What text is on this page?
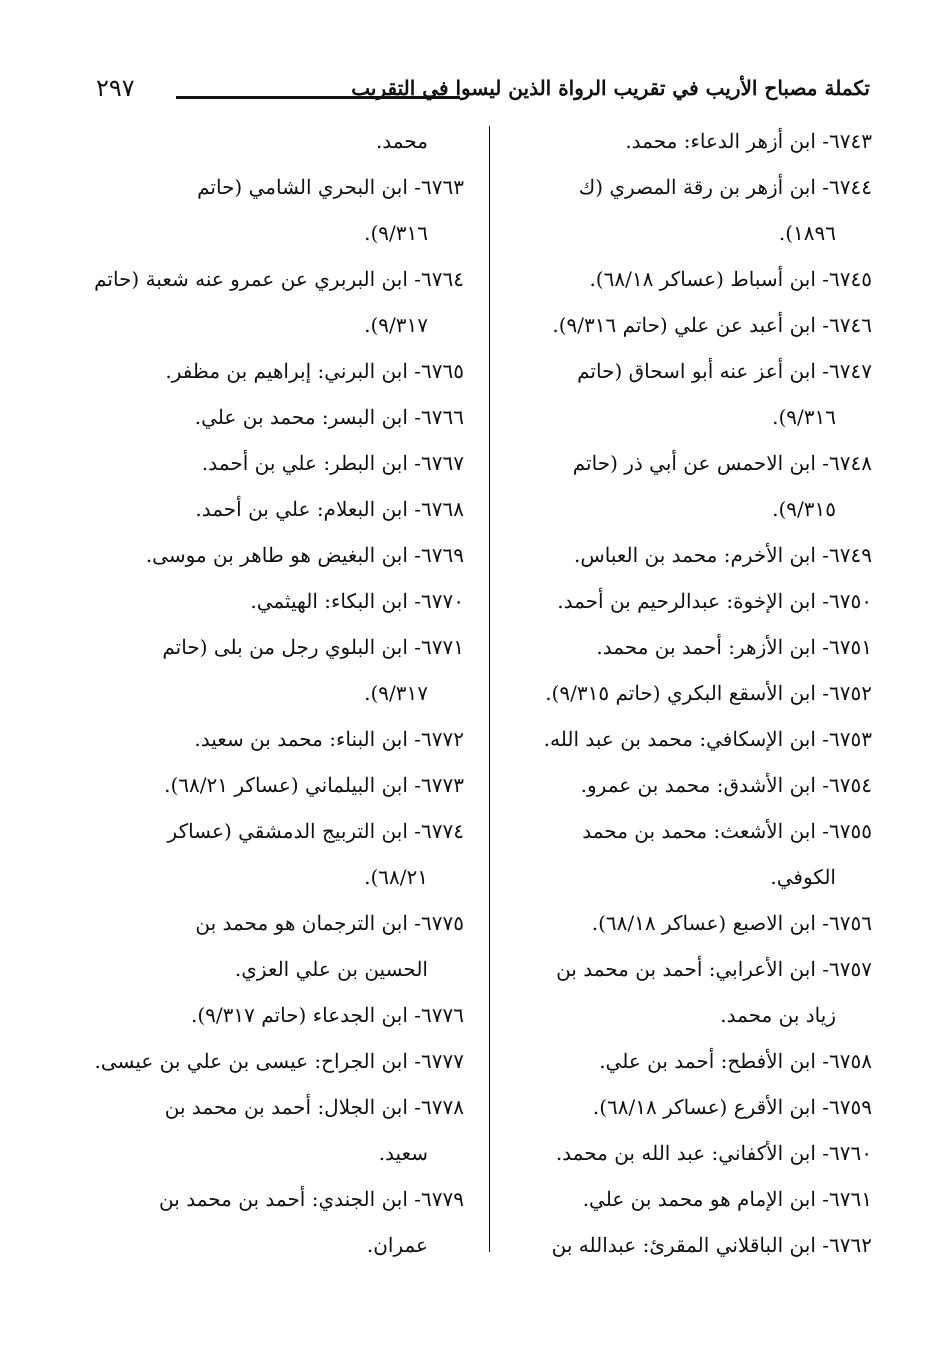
تكملة مصباح الأريب في تقريب الرواة الذين ليسوا في التقريب
٢٩٧
٦٧٤٣- ابن أزهر الدعاء: محمد.
٦٧٤٤- ابن أزهر بن رقة المصري (ك
١٨٩٦).
٦٧٤٥- ابن أسباط (عساكر ٦٨/١٨).
٦٧٤٦- ابن أعبد عن علي (حاتم ٩/٣١٦).
٦٧٤٧- ابن أعز عنه أبو اسحاق (حاتم
٩/٣١٦).
٦٧٤٨- ابن الاحمس عن أبي ذر (حاتم
٩/٣١٥).
٦٧٤٩- ابن الأخرم: محمد بن العباس.
٦٧٥٠- ابن الإخوة: عبدالرحيم بن أحمد.
٦٧٥١- ابن الأزهر: أحمد بن محمد.
٦٧٥٢- ابن الأسقع البكري (حاتم ٩/٣١٥).
٦٧٥٣- ابن الإسكافي: محمد بن عبد الله.
٦٧٥٤- ابن الأشدق: محمد بن عمرو.
٦٧٥٥- ابن الأشعث: محمد بن محمد
الكوفي.
٦٧٥٦- ابن الاصبع (عساكر ٦٨/١٨).
٦٧٥٧- ابن الأعرابي: أحمد بن محمد بن
زياد بن محمد.
٦٧٥٨- ابن الأفطح: أحمد بن علي.
٦٧٥٩- ابن الأقرع (عساكر ٦٨/١٨).
٦٧٦٠- ابن الأكفاني: عبد الله بن محمد.
٦٧٦١- ابن الإمام هو محمد بن علي.
٦٧٦٢- ابن الباقلاني المقرئ: عبدالله بن
محمد.
٦٧٦٣- ابن البحري الشامي (حاتم
٩/٣١٦).
٦٧٦٤- ابن البربري عن عمرو عنه شعبة (حاتم
٩/٣١٧).
٦٧٦٥- ابن البرني: إبراهيم بن مظفر.
٦٧٦٦- ابن البسر: محمد بن علي.
٦٧٦٧- ابن البطر: علي بن أحمد.
٦٧٦٨- ابن البعلام: علي بن أحمد.
٦٧٦٩- ابن البغيض هو طاهر بن موسى.
٦٧٧٠- ابن البكاء: الهيثمي.
٦٧٧١- ابن البلوي رجل من بلى (حاتم
٩/٣١٧).
٦٧٧٢- ابن البناء: محمد بن سعيد.
٦٧٧٣- ابن البيلماني (عساكر ٦٨/٢١).
٦٧٧٤- ابن التربيج الدمشقي (عساكر
٦٨/٢١).
٦٧٧٥- ابن الترجمان هو محمد بن
الحسين بن علي العزي.
٦٧٧٦- ابن الجدعاء (حاتم ٩/٣١٧).
٦٧٧٧- ابن الجراح: عيسى بن علي بن عيسى.
٦٧٧٨- ابن الجلال: أحمد بن محمد بن
سعيد.
٦٧٧٩- ابن الجندي: أحمد بن محمد بن
عمران.
